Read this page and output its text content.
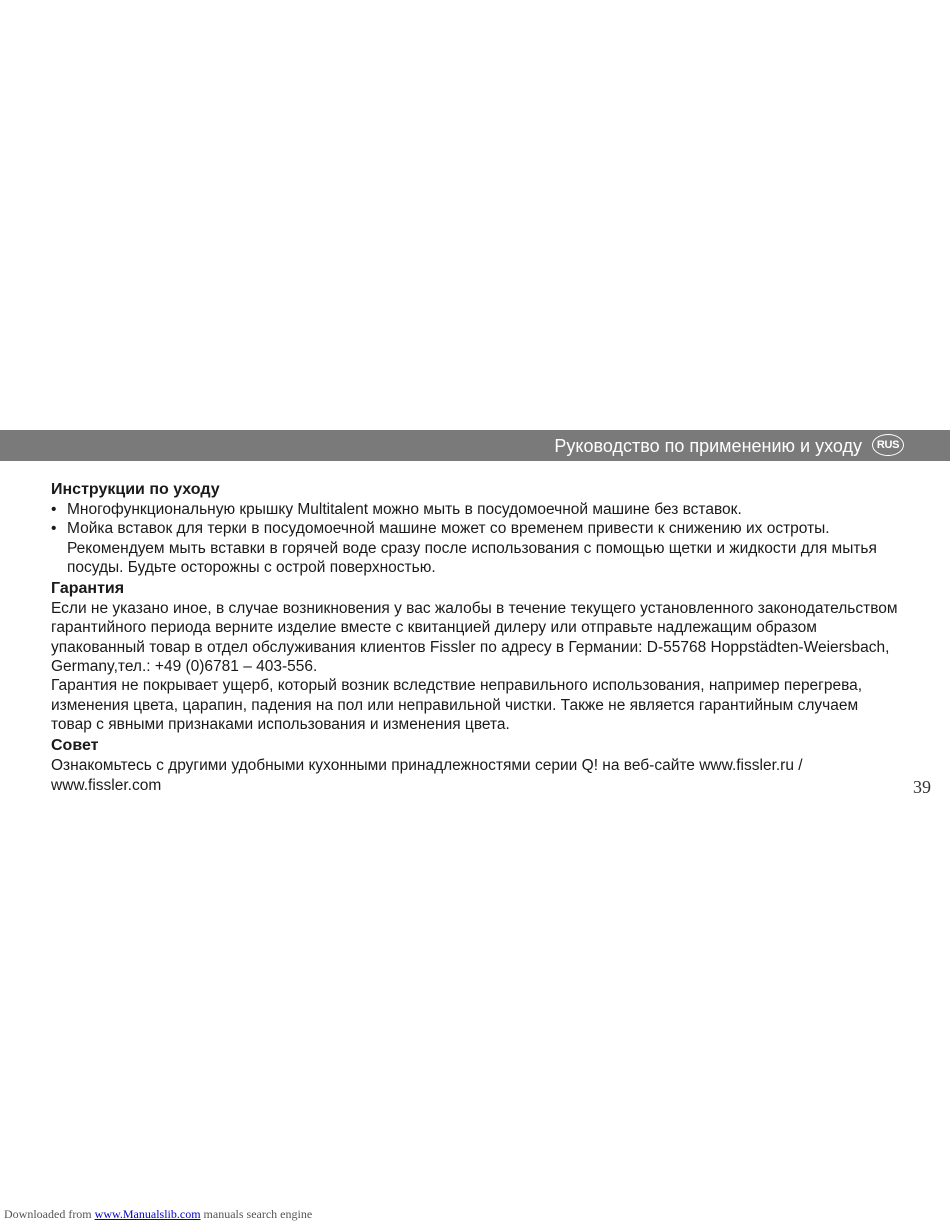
Руководство по применению и уходу	RUS
Инструкции по уходу
• Многофункциональную крышку Multitalent можно мыть в посудомоечной машине без вставок.
• Мойка вставок для терки в посудомоечной машине может со временем привести к снижению их остроты. Рекомендуем мыть вставки в горячей воде сразу после использования с помощью щетки и жидкости для мытья посуды. Будьте осторожны с острой поверхностью.
Гарантия

Если не указано иное, в случае возникновения у вас жалобы в течение текущего установленного законодательством гарантийного периода верните изделие вместе с квитанцией дилеру или отправьте надлежащим образом упакованный товар в отдел обслуживания клиентов Fissler по адресу в Германии: D-55768 Hoppstädten-Weiersbach, Germany,тел.: +49 (0)6781 – 403-556.

Гарантия не покрывает ущерб, который возник вследствие неправильного использования, например перегрева, изменения цвета, царапин, падения на пол или неправильной чистки. Также не является гарантийным случаем товар с явными признаками использования и изменения цвета.

Совет

Ознакомьтесь с другими удобными кухонными принадлежностями серии Q! на веб-сайте www.fissler.ru / www.fissler.com	39
Downloaded from www.Manualslib.com manuals search engine
